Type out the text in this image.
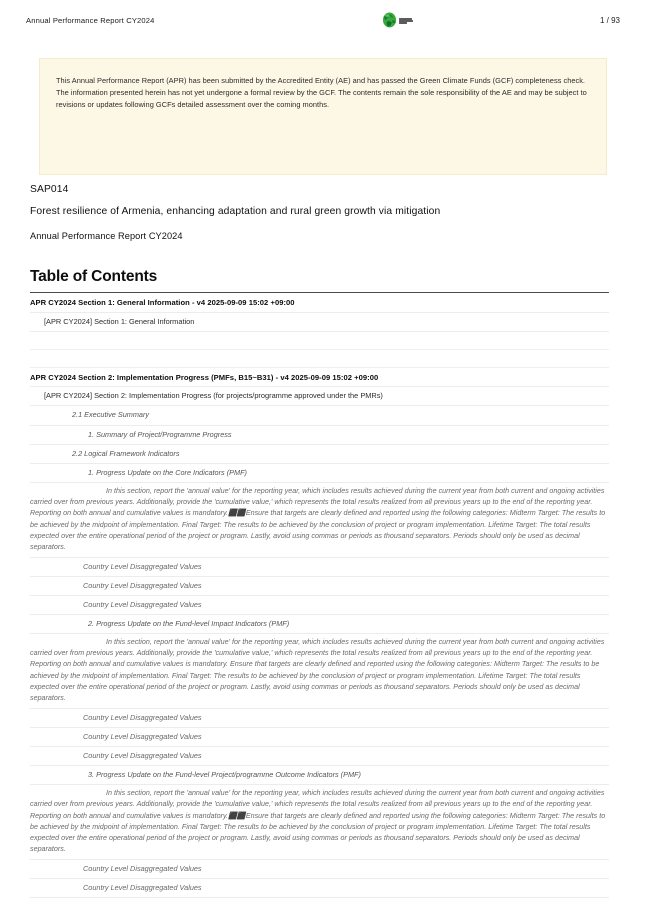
Annual Performance Report CY2024	1 / 93
This Annual Performance Report (APR) has been submitted by the Accredited Entity (AE) and has passed the Green Climate Funds (GCF) completeness check. The information presented herein has not yet undergone a formal review by the GCF. The contents remain the sole responsibility of the AE and may be subject to revisions or updates following GCFs detailed assessment over the coming months.
SAP014
Forest resilience of Armenia, enhancing adaptation and rural green growth via mitigation
Annual Performance Report CY2024
Table of Contents
APR CY2024 Section 1: General Information - v4 2025-09-09 15:02 +09:00
[APR CY2024] Section 1: General Information
APR CY2024 Section 2: Implementation Progress (PMFs, B15~B31) - v4 2025-09-09 15:02 +09:00
[APR CY2024] Section 2: Implementation Progress (for projects/programme approved under the PMRs)
2.1 Executive Summary
1. Summary of Project/Programme Progress
2.2 Logical Framework Indicators
1. Progress Update on the Core Indicators (PMF)
In this section, report the 'annual value' for the reporting year, which includes results achieved during the current year from both current and ongoing activities carried over from previous years. Additionally, provide the 'cumulative value,' which represents the total results realized from all previous years up to the end of the reporting year. Reporting on both annual and cumulative values is mandatory.⬛⬛Ensure that targets are clearly defined and reported using the following categories: Midterm Target: The results to be achieved by the midpoint of implementation. Final Target: The results to be achieved by the conclusion of project or program implementation. Lifetime Target: The total results expected over the entire operational period of the project or program. Lastly, avoid using commas or periods as thousand separators. Periods should only be used as decimal separators.
Country Level Disaggregated Values
Country Level Disaggregated Values
Country Level Disaggregated Values
2. Progress Update on the Fund-level Impact Indicators (PMF)
In this section, report the 'annual value' for the reporting year, which includes results achieved during the current year from both current and ongoing activities carried over from previous years. Additionally, provide the 'cumulative value,' which represents the total results realized from all previous years up to the end of the reporting year. Reporting on both annual and cumulative values is mandatory. Ensure that targets are clearly defined and reported using the following categories: Midterm Target: The results to be achieved by the midpoint of implementation. Final Target: The results to be achieved by the conclusion of project or program implementation. Lifetime Target: The total results expected over the entire operational period of the project or program. Lastly, avoid using commas or periods as thousand separators. Periods should only be used as decimal separators.
Country Level Disaggregated Values
Country Level Disaggregated Values
Country Level Disaggregated Values
3. Progress Update on the Fund-level Project/programme Outcome Indicators (PMF)
In this section, report the 'annual value' for the reporting year, which includes results achieved during the current year from both current and ongoing activities carried over from previous years. Additionally, provide the 'cumulative value,' which represents the total results realized from all previous years up to the end of the reporting year. Reporting on both annual and cumulative values is mandatory.⬛⬛Ensure that targets are clearly defined and reported using the following categories: Midterm Target: The results to be achieved by the midpoint of implementation. Final Target: The results to be achieved by the conclusion of project or program implementation. Lifetime Target: The total results expected over the entire operational period of the project or program. Lastly, avoid using commas or periods as thousand separators. Periods should only be used as decimal separators.
Country Level Disaggregated Values
Country Level Disaggregated Values
